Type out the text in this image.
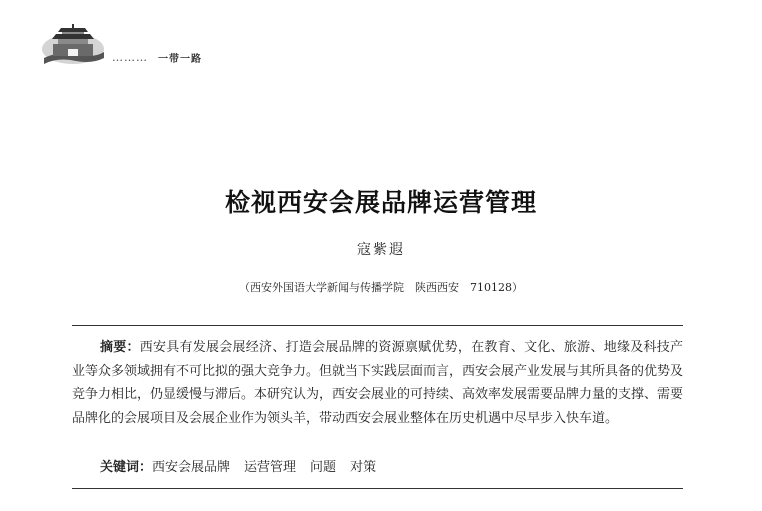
……… 一带一路
检视西安会展品牌运营管理
寇紫遐
（西安外国语大学新闻与传播学院　陕西西安　710128）
摘要：西安具有发展会展经济、打造会展品牌的资源禀赋优势，在教育、文化、旅游、地缘及科技产业等众多领域拥有不可比拟的强大竞争力。但就当下实践层面而言，西安会展产业发展与其所具备的优势及竞争力相比，仍显缓慢与滞后。本研究认为，西安会展业的可持续、高效率发展需要品牌力量的支撑、需要品牌化的会展项目及会展企业作为领头羊，带动西安会展业整体在历史机遇中尽早步入快车道。
关键词：西安会展品牌 运营管理 问题 对策
